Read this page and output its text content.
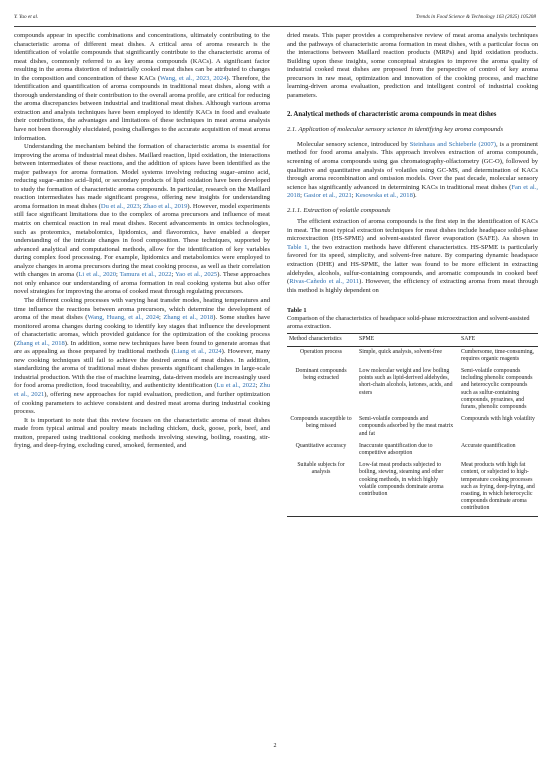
Y. Yao et al.	Trends in Food Science & Technology 163 (2025) 105208

compounds appear in specific combinations and concentrations, ultimately contributing to the characteristic aroma of different meat dishes. A critical area of aroma research is the identification of volatile compounds that significantly contribute to the characteristic aroma of meat dishes, commonly referred to as key aroma compounds (KACs). A significant factor resulting in the aroma distortion of industrially cooked meat dishes can be attributed to changes in the composition and concentration of these KACs (Wang, et al., 2023, 2024). Therefore, the identification and quantification of aroma compounds in traditional meat dishes, along with a thorough understanding of their contribution to the overall aroma profile, are critical for reducing the aroma discrepancies between industrial and traditional meat dishes. Although various aroma extraction and analysis techniques have been employed to identify KACs in food and evaluate their contributions, the advantages and limitations of these techniques in meat aroma analysis have not been thoroughly elucidated, posing challenges to the accurate acquisition of meat aroma information.

Understanding the mechanism behind the formation of characteristic aroma is essential for improving the aroma of industrial meat dishes. Maillard reaction, lipid oxidation, the interactions between intermediates of these reactions, and the addition of spices have been identified as the major pathways for aroma formation. Model systems involving reducing sugar–amino acid, reducing sugar–amino acid–lipid, or secondary products of lipid oxidation have been developed to study the formation of characteristic aroma compounds. In particular, research on the Maillard reaction intermediates has made significant progress, offering new insights for understanding aroma formation in meat dishes (Du et al., 2023; Zhao et al., 2019). However, model experiments still face significant limitations due to the complex of aroma precursors and influence of meat matrix on chemical reaction in real meat dishes. Recent advancements in omics technologies, such as proteomics, metabolomics, lipidomics, and flavoromics, have enabled a deeper understanding of the intricate changes in food composition. These techniques, supported by advanced analytical and computational methods, allow for the identification of key variables during complex food processing. For example, lipidomics and metabolomics were employed to analyze changes in aroma precursors during the meat cooking process, as well as their correlation with changes in aroma (Li et al., 2020; Tamura et al., 2022; Yao et al., 2025). These approaches not only enhance our understanding of aroma formation in real cooking systems but also offer novel strategies for improving the aroma of cooked meat through regulating precursors.

The different cooking processes with varying heat transfer modes, heating temperatures and time influence the reactions between aroma precursors, which determine the development of aroma of the meat dishes (Wang, Huang, et al., 2024; Zhang et al., 2018). Some studies have monitored aroma changes during cooking to identify key stages that influence the development of characteristic aromas, which provided guidance for the optimization of the cooking process (Zhang et al., 2018). In addition, some new techniques have been found to generate aromas that are as appealing as those prepared by traditional methods (Liang et al., 2024). However, many new cooking techniques still fail to achieve the desired aroma of meat dishes. In addition, standardizing the aroma of traditional meat dishes presents significant challenges in large-scale industrial production. With the rise of machine learning, data-driven models are increasingly used for food aroma prediction, food traceability, and authenticity identification (Lu et al., 2022; Zhu et al., 2021), offering new approaches for rapid evaluation, prediction, and further optimization of cooking parameters to achieve consistent and desired meat aroma during industrial cooking process.

It is important to note that this review focuses on the characteristic aroma of meat dishes made from typical animal and poultry meats including chicken, duck, goose, pork, beef, and mutton, prepared using traditional cooking methods involving stewing, boiling, roasting, stir-frying, and deep-frying, excluding cured, smoked, fermented, and

dried meats. This paper provides a comprehensive review of meat aroma analysis techniques and the pathways of characteristic aroma formation in meat dishes, with a particular focus on the interactions between Maillard reaction products (MRPs) and lipid oxidation products. Building upon these insights, some conceptual strategies to improve the aroma quality of industrial cooked meat dishes are proposed from the perspective of control of key aroma precursors in raw meat, optimization and innovation of the cooking process, and machine learning-driven aroma evaluation, prediction and intelligent control of industrial cooking parameters.

2. Analytical methods of characteristic aroma compounds in meat dishes
2.1. Application of molecular sensory science in identifying key aroma compounds

Molecular sensory science, introduced by Steinhaus and Schieberle (2007), is a prominent method for food aroma analysis. This approach involves extraction of aroma compounds, screening of aroma compounds using gas chromatography-olfactometry (GC-O), followed by qualitative and quantitative analysis of volatiles using GC-MS, and determination of KACs through aroma recombination and omission models. Over the past decade, molecular sensory science has significantly advanced in determining KACs in traditional meat dishes (Fan et al., 2018; Gasior et al., 2021; Kesowska et al., 2018).

2.1.1. Extraction of volatile compounds

The efficient extraction of aroma compounds is the first step in the identification of KACs in meat. The most typical extraction techniques for meat dishes include headspace solid-phase microextraction (HS-SPME) and solvent-assisted flavor evaporation (SAFE). As shown in Table 1, the two extraction methods have different characteristics. HS-SPME is particularly favored for its speed, simplicity, and solvent-free nature. By comparing dynamic headspace extraction (DHE) and HS-SPME, the latter was found to be more efficient in extracting aldehydes, alcohols, sulfur-containing compounds, and aromatic compounds in cooked beef (Rivas-Cañedo et al., 2011). However, the efficiency of extracting aroma from meat through this method is highly dependent on

Table 1
Comparison of the characteristics of headspace solid-phase microextraction and solvent-assisted aroma extraction.
Method characteristics	SPME	SAFE

Operation process	Simple, quick analysis, solvent-free	Cumbersome, time-consuming, requires organic reagents
Dominant compounds being extracted	Low molecular weight and low boiling points such as lipid-derived aldehydes, short-chain alcohols, ketones, acids, and esters	Semi-volatile compounds including phenolic compounds and heterocyclic compounds such as sulfur-containing compounds, pyrazines, and furans, phenolic compounds
Compounds susceptible to being missed	Semi-volatile compounds and compounds adsorbed by the meat matrix and fat	Compounds with high volatility
Quantitative accuracy	Inaccurate quantification due to competitive adsorption	Accurate quantification
Suitable subjects for analysis	Low-fat meat products subjected to boiling, stewing, steaming and other cooking methods, in which highly volatile compounds dominate aroma contribution	Meat products with high fat content, or subjected to high-temperature cooking processes such as frying, deep-frying, and roasting, in which heterocyclic compounds dominate aroma contribution
2
